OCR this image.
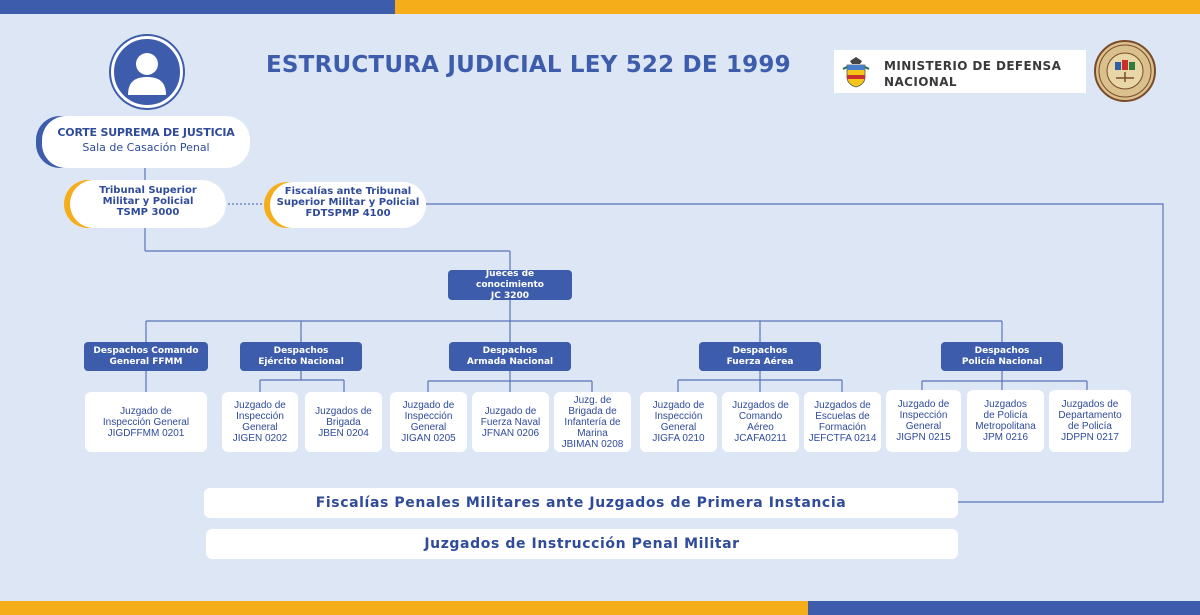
ESTRUCTURA JUDICIAL LEY 522 DE 1999	MINISTERIO DE DEFENSA
NACIONAL
CORTE SUPREMA DE JUSTICIA
Sala de Casación Penal
Tribunal Superior
Militar y Policial
TSMP 3000
Fiscalías ante Tribunal
Superior Militar y Policial
FDTSPMP 4100
Jueces de conocimiento
JC 3200
Despachos Comando
General FFMM
Despachos
Ejército Nacional
Despachos
Armada Nacional
Despachos
Fuerza Aérea
Despachos
Policía Nacional
Juzgado de
Inspección General
JIGDFFMM 0201
Juzgado de
Inspección
General
JIGEN 0202
Juzgados de
Brigada
JBEN 0204
Juzgado de
Inspección
General
JIGAN 0205
Juzgado de
Fuerza Naval
JFNAN 0206
Juzg. de
Brigada de
Infantería de
Marina
JBIMAN 0208
Juzgado de
Inspección
General
JIGFA 0210
Juzgados de
Comando
Aéreo
JCAFA0211
Juzgados de
Escuelas de
Formación
JEFCTFA 0214
Juzgado de
Inspección
General
JIGPN 0215
Juzgados
de Policía
Metropolitana
JPM 0216
Juzgados de
Departamento
de Policía
JDPPN 0217
Fiscalías Penales Militares ante Juzgados de Primera Instancia
Juzgados de Instrucción Penal Militar
